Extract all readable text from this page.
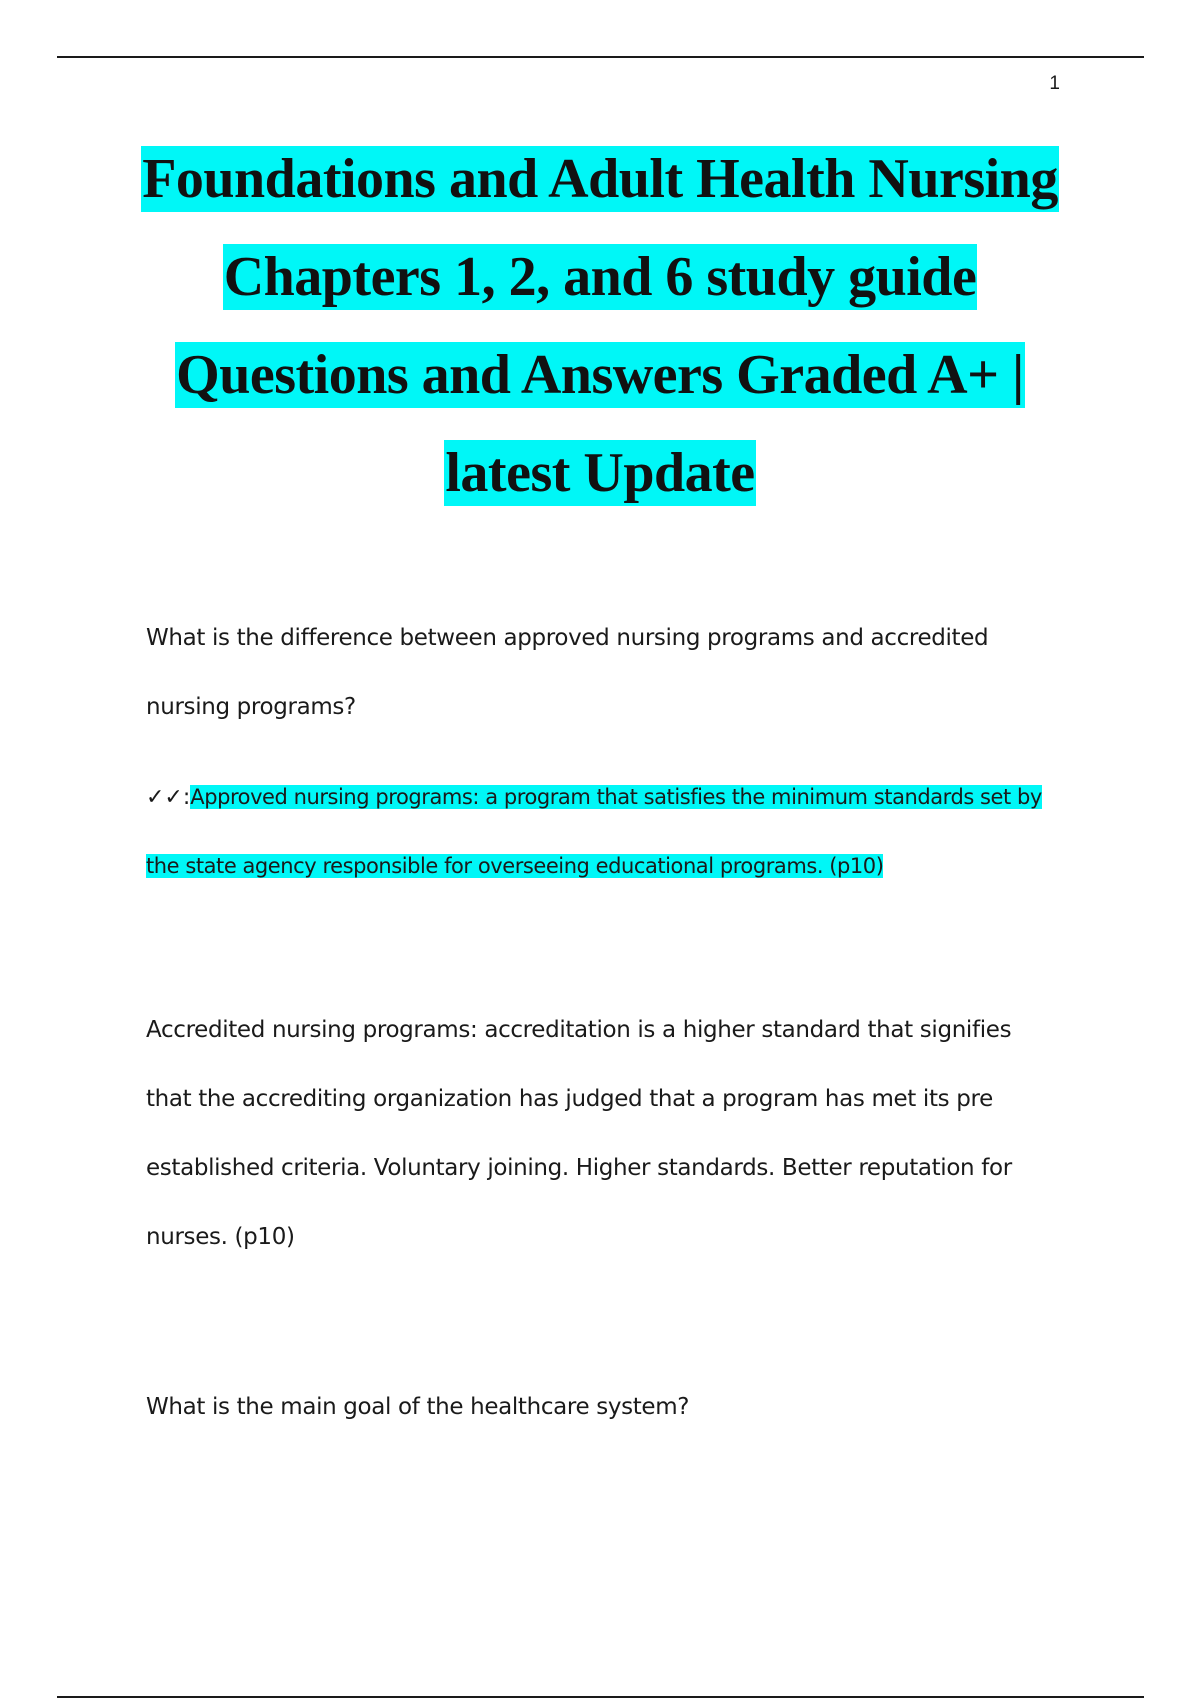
1
Foundations and Adult Health Nursing
Chapters 1, 2, and 6 study guide
Questions and Answers Graded A+ |
latest Update
What is the difference between approved nursing programs and accredited
nursing programs?
✓✓:Approved nursing programs: a program that satisfies the minimum standards set by
the state agency responsible for overseeing educational programs. (p10)
Accredited nursing programs: accreditation is a higher standard that signifies
that the accrediting organization has judged that a program has met its pre
established criteria. Voluntary joining. Higher standards. Better reputation for
nurses. (p10)
What is the main goal of the healthcare system?
